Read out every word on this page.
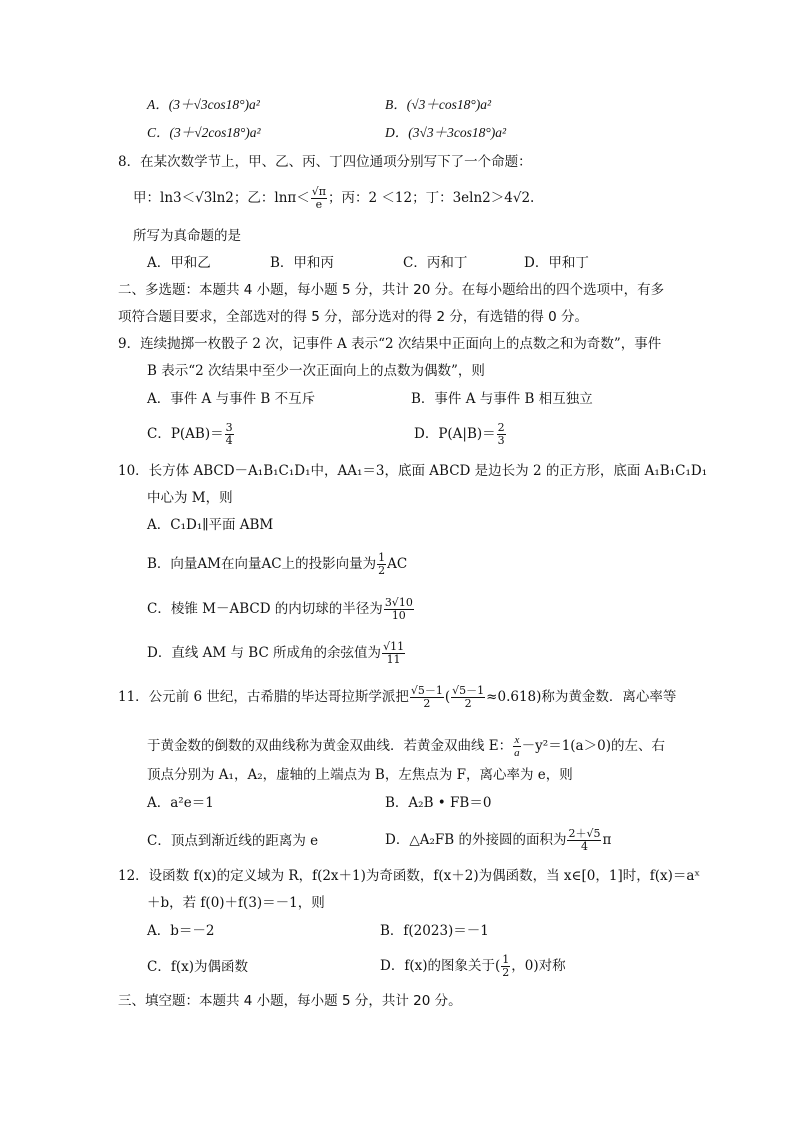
A．(3＋√3cos18°)a²	B．(√3＋cos18°)a²
C．(3＋√2cos18°)a²	D．(3√3＋3cos18°)a²
8．在某次数学节上，甲、乙、丙、丁四位通项分别写下了一个命题：
甲：ln3＜√3ln2；乙：$\ln\pi< \frac{√\pi}{e}$ ；丙：2 ＜12；丁：3eln2＞4√2.
所写为真命题的是
A．甲和乙	B．甲和丙	C．丙和丁	D．甲和丁
二、多选题：本题共 4 小题，每小题 5 分，共计 20 分。在每小题给出的四个选项中，有多
项符合题目要求，全部选对的得 5 分，部分选对的得 2 分，有选错的得 0 分。
9．连续抛掷一枚骰子 2 次，记事件 A 表示“2 次结果中正面向上的点数之和为奇数”，事件
B 表示“2 次结果中至少一次正面向上的点数为偶数”，则
A．事件 A 与事件 B 不互斥	B．事件 A 与事件 B 相互独立
C．$P(AB)= \frac{3}{4}$	D．$P(A|B)= \frac{2}{3}$
10．长方体 ABCD－A₁B₁C₁D₁中，AA₁＝3，底面 ABCD 是边长为 2 的正方形，底面 A₁B₁C₁D₁
中心为 M，则
A．C₁D₁∥平面 ABM
B．向量AM在向量AC上的投影向量为 $\frac{1}{2}$ AC
C．棱锥 M－ABCD 的内切球的半径为 $\frac{3√10}{10}$
D．直线 AM 与 BC 所成角的余弦值为 $\frac{√11}{11}$
11．公元前 6 世纪，古希腊的毕达哥拉斯学派把 $\frac{√5-1}{2}$ ( $\frac{√5-1}{2} \approx 0.618$)称为黄金数．离心率等
于黄金数的倒数的双曲线称为黄金双曲线．若黄金双曲线 E： $\frac{x}{a} -y^2=1(a>0)$的左、右
顶点分别为 A₁，A₂，虚轴的上端点为 B，左焦点为 F，离心率为 e，则
A．a²e＝1	B．A₂B • FB＝0
C．顶点到渐近线的距离为 e	D．△A₂FB 的外接圆的面积为 $\frac{2+√5}{4}$ π
12．设函数 f(x)的定义域为 R，f(2x＋1)为奇函数，f(x＋2)为偶函数，当 x∈[0，1]时，f(x)＝aˣ
＋b，若 f(0)＋f(3)＝－1，则
A．b＝－2	B．f(2023)＝－1
C．f(x)为偶函数	D．f(x)的图象关于( $\frac{1}{2}$ ，0)对称
三、填空题：本题共 4 小题，每小题 5 分，共计 20 分。
